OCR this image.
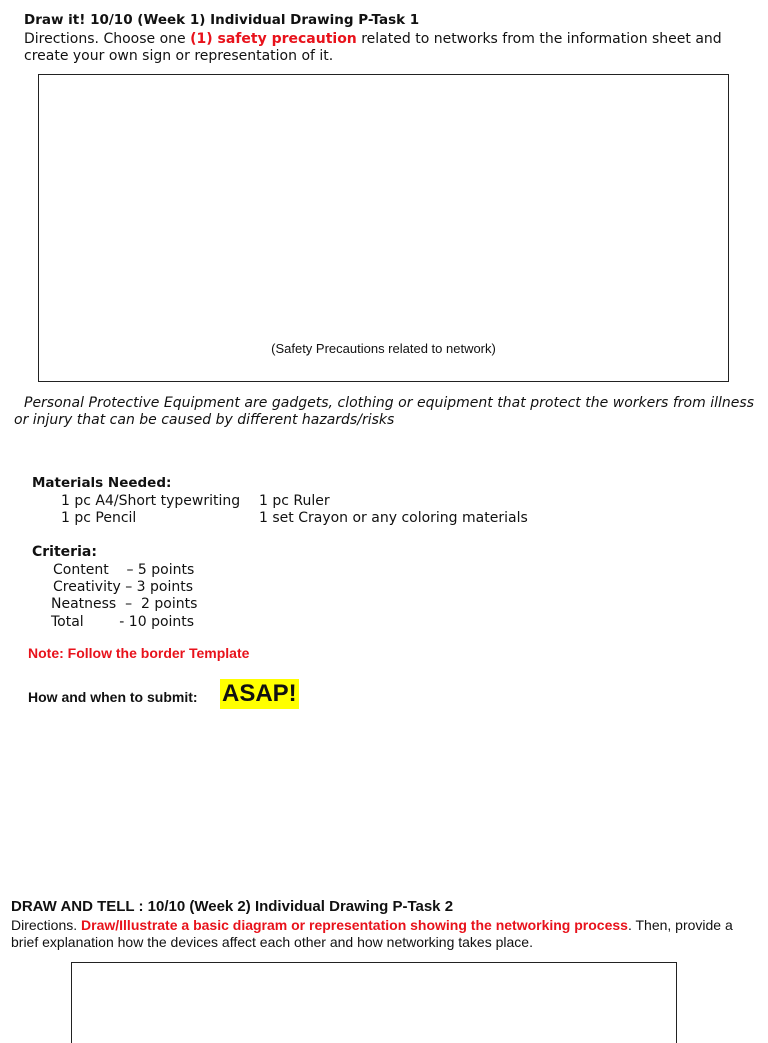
Draw it! 10/10 (Week 1) Individual Drawing P-Task 1
Directions. Choose one (1) safety precaution related to networks from the information sheet and create your own sign or representation of it.
(Safety Precautions related to network)
Personal Protective Equipment are gadgets, clothing or equipment that protect the workers from illness or injury that can be caused by different hazards/risks
Materials Needed:
1 pc A4/Short typewriting 1 pc Ruler
1 pc Pencil	1 set Crayon or any coloring materials
Criteria:
Content    – 5 points
Creativity – 3 points
Neatness  –  2 points
Total        - 10 points
Note: Follow the border Template
How and when to submit: ASAP!
DRAW AND TELL : 10/10 (Week 2) Individual Drawing P-Task 2
Directions. Draw/Illustrate a basic diagram or representation showing the networking process. Then, provide a brief explanation how the devices affect each other and how networking takes place.
